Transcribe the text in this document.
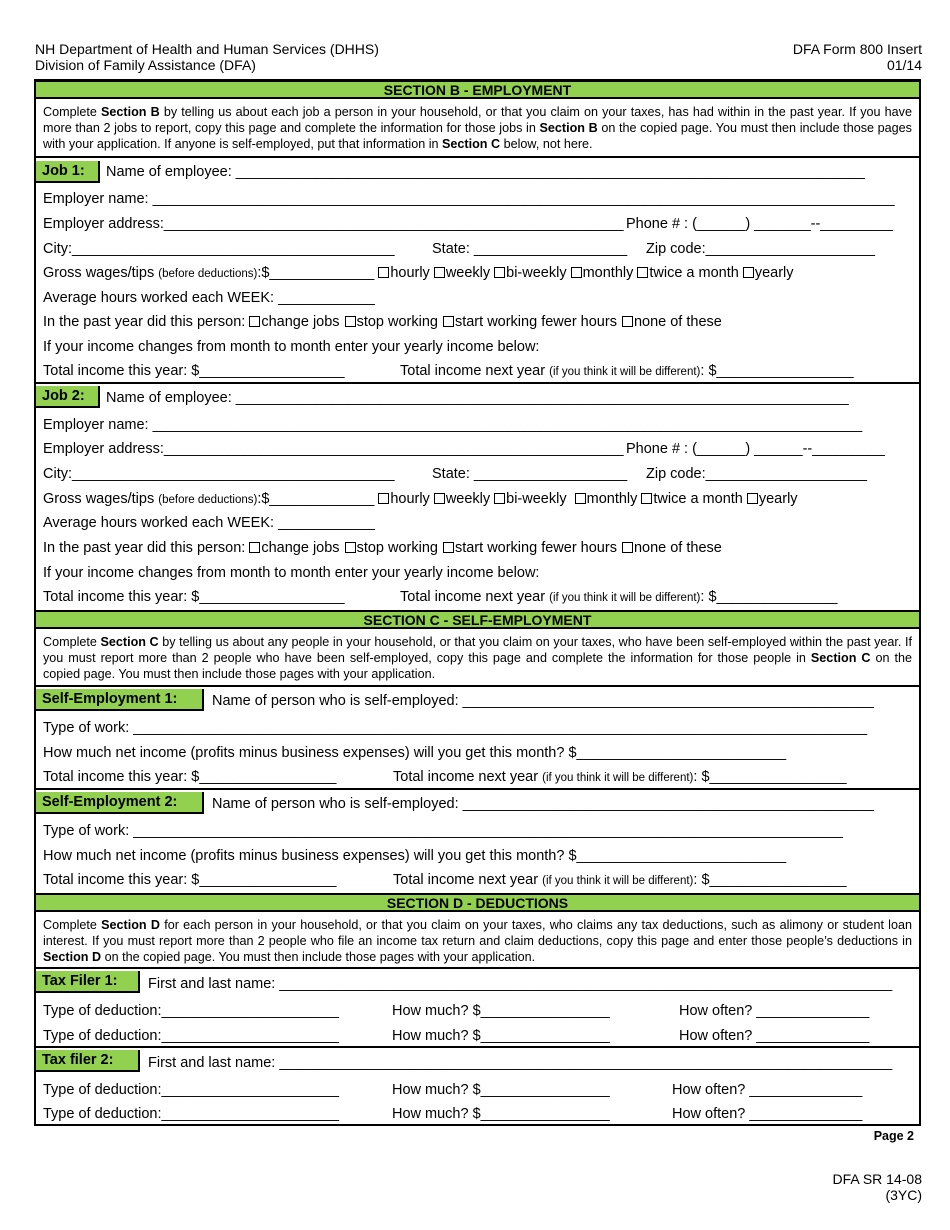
NH Department of Health and Human Services (DHHS)
Division of Family Assistance (DFA)
DFA Form 800 Insert
01/14
SECTION B - EMPLOYMENT
Complete Section B by telling us about each job a person in your household, or that you claim on your taxes, has had within in the past year. If you have more than 2 jobs to report, copy this page and complete the information for those jobs in Section B on the copied page. You must then include those pages with your application. If anyone is self-employed, put that information in Section C below, not here.
Job 1:	Name of employee: ______________________________________________________________________________
Employer name: ____________________________________________________________________________________________
Employer address:_________________________________________________________ Phone # : (______) _______--_________
City:________________________________________	State: ___________________ Zip code:_____________________
Gross wages/tips (before deductions):$_____________ hourly weekly bi-weekly monthly twice a month yearly
Average hours worked each WEEK: ____________
In the past year did this person: change jobs stop working start working fewer hours none of these
If your income changes from month to month enter your yearly income below:
Total income this year: $__________________	Total income next year (if you think it will be different): $_________________
Job 2:	Name of employee: ____________________________________________________________________________
Employer name: ________________________________________________________________________________________
Employer address:_________________________________________________________ Phone # : (______) ______--_________
City:________________________________________	State: ___________________ Zip code:____________________
Gross wages/tips (before deductions):$_____________ hourly weekly bi-weekly monthly twice a month yearly
Average hours worked each WEEK: ____________
In the past year did this person: change jobs stop working start working fewer hours none of these
If your income changes from month to month enter your yearly income below:
Total income this year: $__________________	Total income next year (if you think it will be different): $_______________
SECTION C - SELF-EMPLOYMENT
Complete Section C by telling us about any people in your household, or that you claim on your taxes, who have been self-employed within the past year. If you must report more than 2 people who have been self-employed, copy this page and complete the information for those people in Section C on the copied page. You must then include those pages with your application.
Self-Employment 1:	Name of person who is self-employed: ___________________________________________________
Type of work: ___________________________________________________________________________________________
How much net income (profits minus business expenses) will you get this month? $__________________________
Total income this year: $_________________	Total income next year (if you think it will be different): $_________________
Self-Employment 2:	Name of person who is self-employed: ___________________________________________________
Type of work: ________________________________________________________________________________________
How much net income (profits minus business expenses) will you get this month? $__________________________
Total income this year: $_________________	Total income next year (if you think it will be different): $_________________
SECTION D - DEDUCTIONS
Complete Section D for each person in your household, or that you claim on your taxes, who claims any tax deductions, such as alimony or student loan interest. If you must report more than 2 people who file an income tax return and claim deductions, copy this page and enter those people’s deductions in Section D on the copied page. You must then include those pages with your application.
Tax Filer 1:	First and last name: ____________________________________________________________________________
Type of deduction:______________________	How much? $________________	How often? ______________
Type of deduction:______________________	How much? $________________	How often? ______________
Tax filer 2:	First and last name: ____________________________________________________________________________
Type of deduction:______________________	How much? $________________	How often? ______________
Type of deduction:______________________	How much? $________________	How often? ______________
Page 2
DFA SR 14-08
(3YC)
